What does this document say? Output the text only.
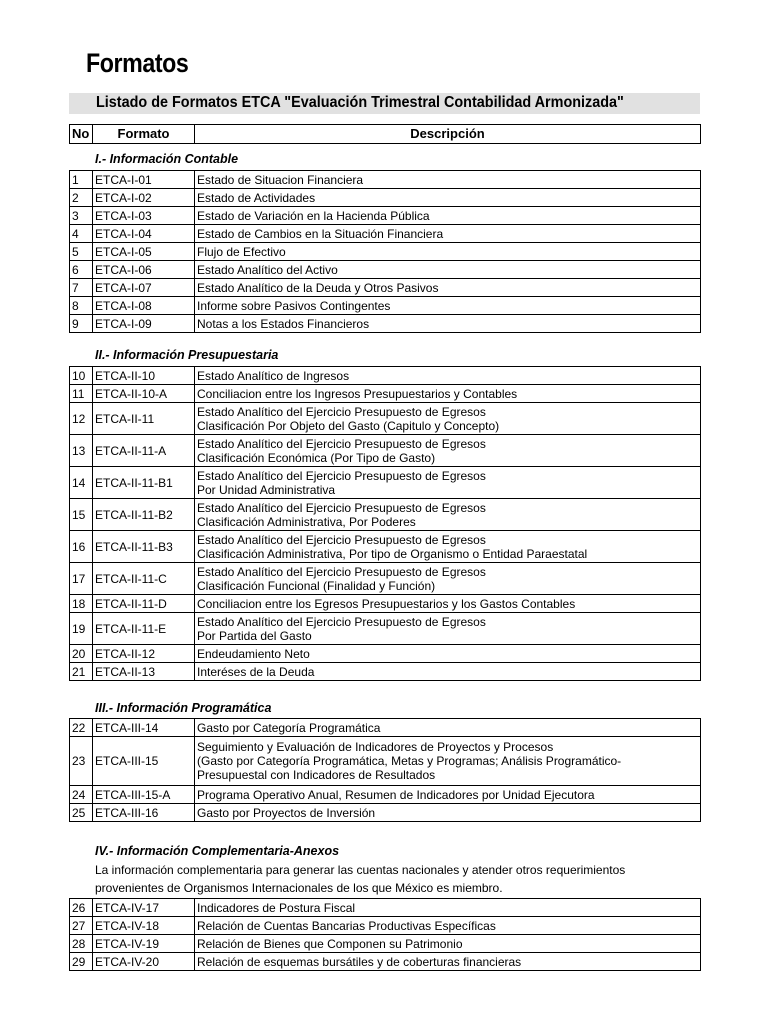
Formatos
Listado de Formatos ETCA "Evaluación Trimestral Contabilidad Armonizada"
No	Formato	Descripción
I.- Información Contable
1	ETCA-I-01	Estado de Situacion Financiera

2	ETCA-I-02	Estado de Actividades

3	ETCA-I-03	Estado de Variación en la Hacienda Pública

4	ETCA-I-04	Estado de Cambios en la Situación Financiera

5	ETCA-I-05	Flujo de Efectivo

6	ETCA-I-06	Estado Analítico del Activo

7	ETCA-I-07	Estado Analítico de la Deuda y Otros Pasivos

8	ETCA-I-08	Informe sobre Pasivos Contingentes

9	ETCA-I-09	Notas a los Estados Financieros
II.- Información Presupuestaria
10	ETCA-II-10	Estado Analítico de Ingresos

11	ETCA-II-10-A	Conciliacion entre los Ingresos Presupuestarios y Contables

12	ETCA-II-11	Estado Analítico del Ejercicio Presupuesto de Egresos
Clasificación Por Objeto del Gasto (Capitulo y Concepto)

13	ETCA-II-11-A	Estado Analítico del Ejercicio Presupuesto de Egresos
Clasificación Económica (Por Tipo de Gasto)

14	ETCA-II-11-B1	Estado Analítico del Ejercicio Presupuesto de Egresos
Por Unidad Administrativa

15	ETCA-II-11-B2	Estado Analítico del Ejercicio Presupuesto de Egresos
Clasificación Administrativa, Por Poderes

16	ETCA-II-11-B3	Estado Analítico del Ejercicio Presupuesto de Egresos
Clasificación Administrativa, Por tipo de Organismo o Entidad Paraestatal

17	ETCA-II-11-C	Estado Analítico del Ejercicio Presupuesto de Egresos
Clasificación Funcional (Finalidad y Función)

18	ETCA-II-11-D	Conciliacion entre los Egresos Presupuestarios y los Gastos Contables

19	ETCA-II-11-E	Estado Analítico del Ejercicio Presupuesto de Egresos
Por Partida del Gasto

20	ETCA-II-12	Endeudamiento Neto

21	ETCA-II-13	Interéses de la Deuda
III.- Información Programática
22	ETCA-III-14	Gasto por Categoría Programática

23	ETCA-III-15	Seguimiento y Evaluación de Indicadores de Proyectos y Procesos
(Gasto por Categoría Programática, Metas y Programas; Análisis Programático-
Presupuestal con Indicadores de Resultados

24	ETCA-III-15-A	Programa Operativo Anual, Resumen de Indicadores por Unidad Ejecutora

25	ETCA-III-16	Gasto por Proyectos de Inversión
IV.- Información Complementaria-Anexos
La información complementaria para generar las cuentas nacionales y atender otros requerimientos
provenientes de Organismos Internacionales de los que México es miembro.
26	ETCA-IV-17	Indicadores de Postura Fiscal

27	ETCA-IV-18	Relación de Cuentas Bancarias Productivas Específicas

28	ETCA-IV-19	Relación de Bienes que Componen su Patrimonio

29	ETCA-IV-20	Relación de esquemas bursátiles y de coberturas financieras
